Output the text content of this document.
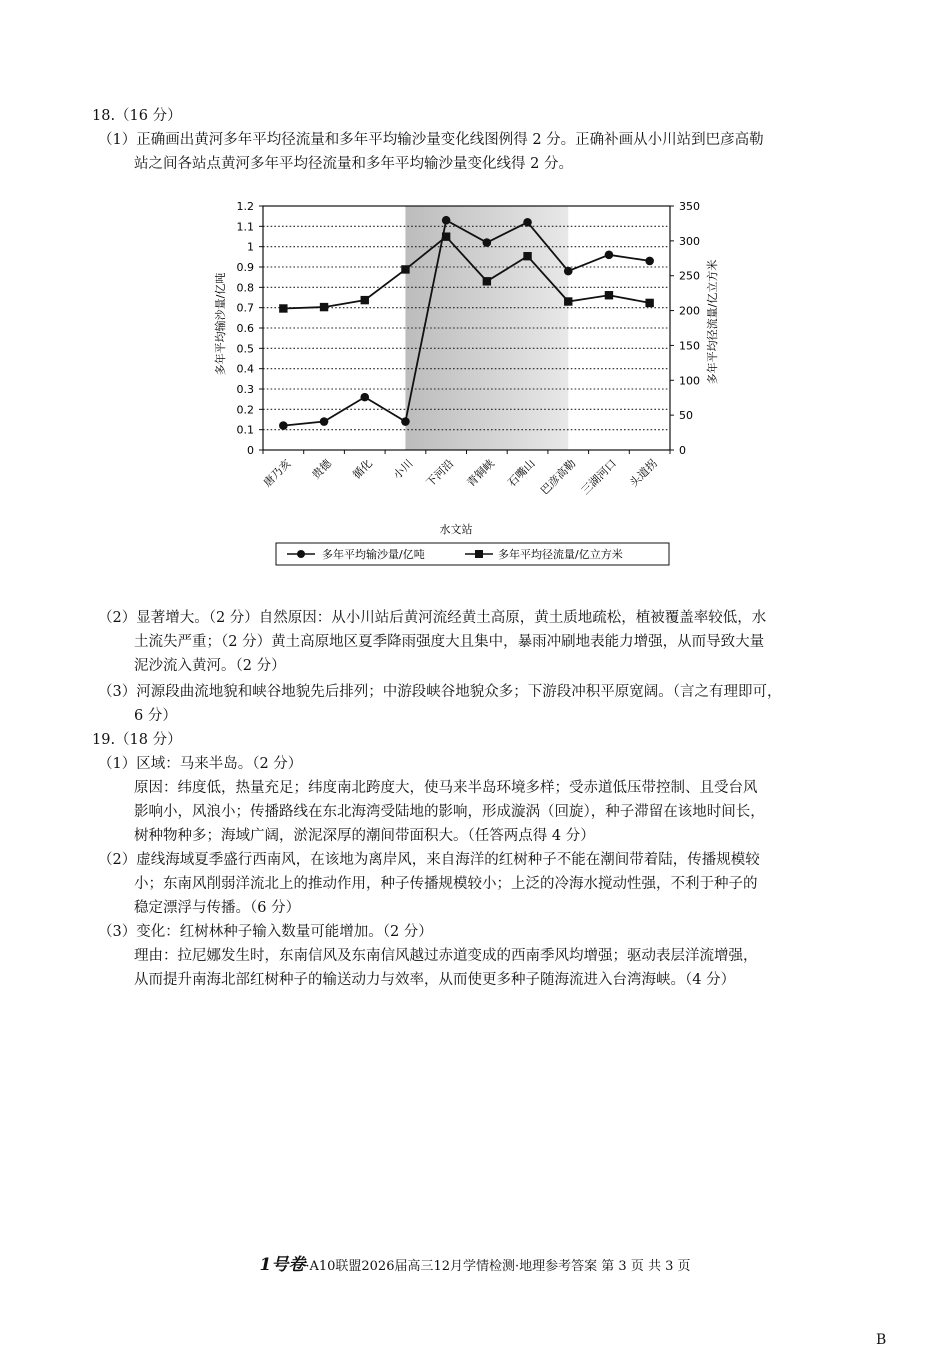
18.（16 分）
（1）正确画出黄河多年平均径流量和多年平均输沙量变化线图例得 2 分。正确补画从小川站到巴彦高勒
站之间各站点黄河多年平均径流量和多年平均输沙量变化线得 2 分。
0
0.1
0.2
0.3
0.4
0.5
0.6
0.7
0.8
0.9
1
1.1
1.2
0
50
100
150
200
250
300
350
唐乃亥 贵德 循化 小川 下河沿 青铜峡 石嘴山 巴彦高勒 三湖河口 头道拐
多年平均输沙量/亿吨	多年平均径流量/亿立方米
水文站
多年平均输沙量/亿吨	多年平均径流量/亿立方米
（2）显著增大。（2 分）自然原因：从小川站后黄河流经黄土高原，黄土质地疏松，植被覆盖率较低，水
土流失严重；（2 分）黄土高原地区夏季降雨强度大且集中，暴雨冲刷地表能力增强，从而导致大量
泥沙流入黄河。（2 分）
（3）河源段曲流地貌和峡谷地貌先后排列；中游段峡谷地貌众多；下游段冲积平原宽阔。（言之有理即可，
6 分）
19.（18 分）
（1）区域：马来半岛。（2 分）
原因：纬度低，热量充足；纬度南北跨度大，使马来半岛环境多样；受赤道低压带控制、且受台风
影响小，风浪小；传播路线在东北海湾受陆地的影响，形成漩涡（回旋），种子滞留在该地时间长，
树种物种多；海域广阔，淤泥深厚的潮间带面积大。（任答两点得 4 分）
（2）虚线海域夏季盛行西南风，在该地为离岸风，来自海洋的红树种子不能在潮间带着陆，传播规模较
小；东南风削弱洋流北上的推动作用，种子传播规模较小；上泛的冷海水搅动性强，不利于种子的
稳定漂浮与传播。（6 分）
（3）变化：红树林种子输入数量可能增加。（2 分）
理由：拉尼娜发生时，东南信风及东南信风越过赤道变成的西南季风均增强；驱动表层洋流增强，
从而提升南海北部红树种子的输送动力与效率，从而使更多种子随海流进入台湾海峡。（4 分）
1号卷·A10联盟2026届高三12月学情检测·地理参考答案 第 3 页 共 3 页
B
